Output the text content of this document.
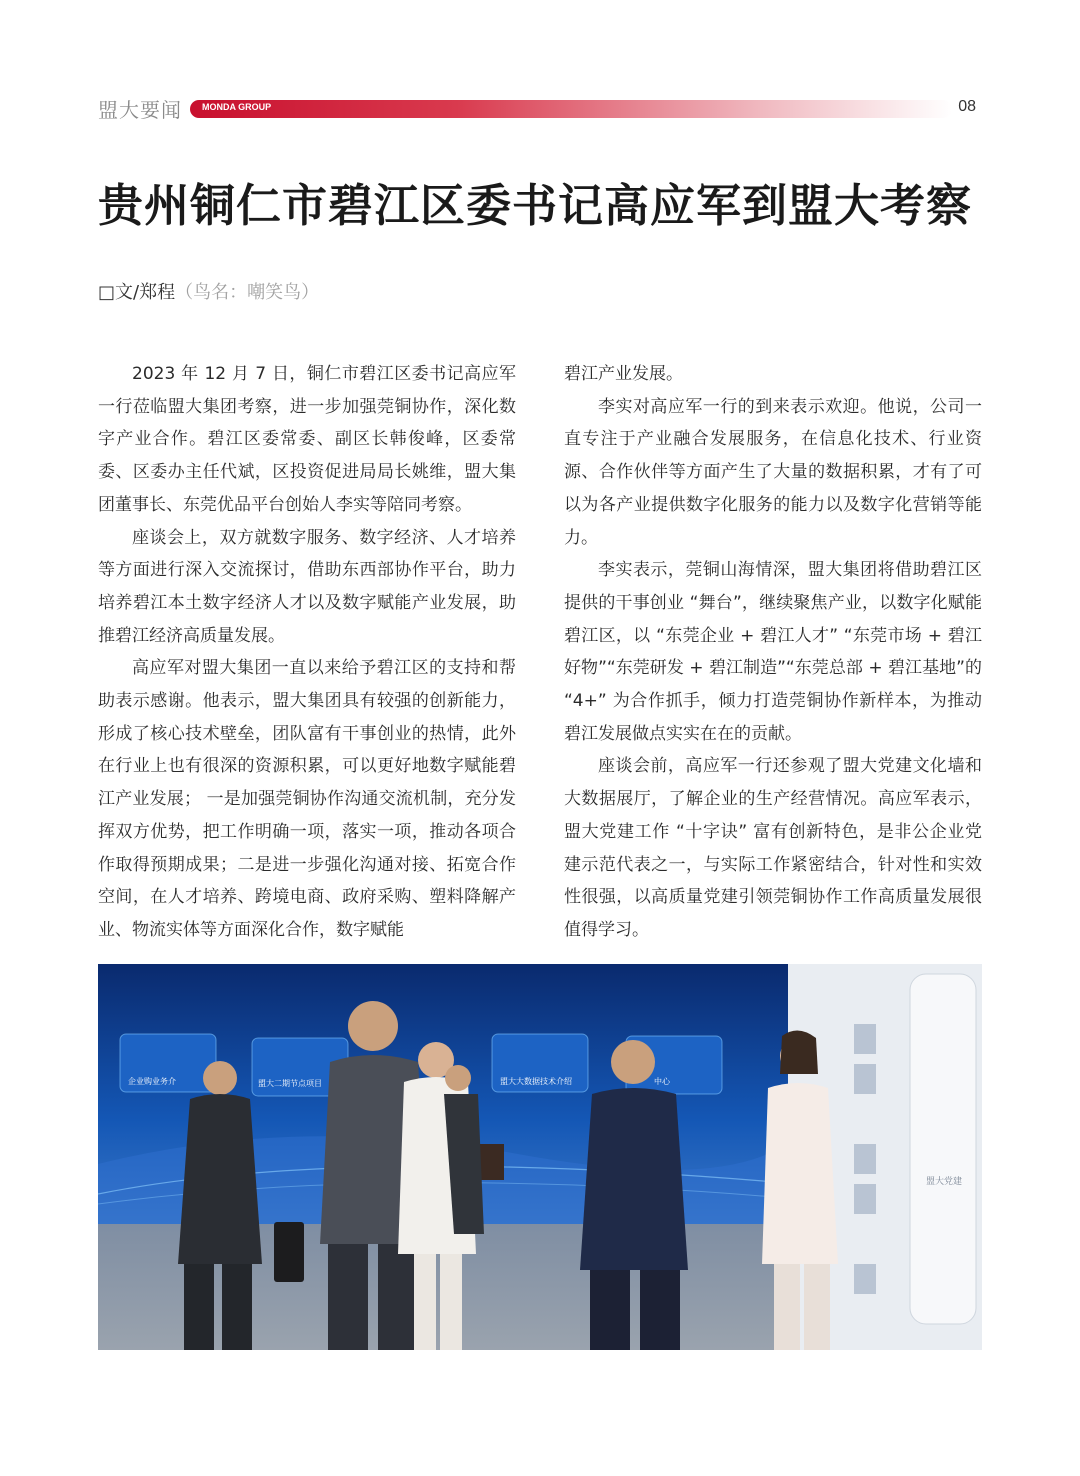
盟大要闻 MONDA GROUP	08
贵州铜仁市碧江区委书记高应军到盟大考察
□文/郑程（鸟名：嘲笑鸟）

2023 年 12 月 7 日，铜仁市碧江区委书记高应军一行莅临盟大集团考察，进一步加强莞铜协作，深化数字产业合作。碧江区委常委、副区长韩俊峰，区委常委、区委办主任代斌，区投资促进局局长姚维，盟大集团董事长、东莞优品平台创始人李实等陪同考察。

座谈会上，双方就数字服务、数字经济、人才培养等方面进行深入交流探讨，借助东西部协作平台，助力培养碧江本土数字经济人才以及数字赋能产业发展，助推碧江经济高质量发展。

高应军对盟大集团一直以来给予碧江区的支持和帮助表示感谢。他表示，盟大集团具有较强的创新能力，形成了核心技术壁垒，团队富有干事创业的热情，此外在行业上也有很深的资源积累，可以更好地数字赋能碧江产业发展； 一是加强莞铜协作沟通交流机制，充分发挥双方优势，把工作明确一项，落实一项，推动各项合作取得预期成果；二是进一步强化沟通对接、拓宽合作空间，在人才培养、跨境电商、政府采购、塑料降解产业、物流实体等方面深化合作，数字赋能

碧江产业发展。

李实对高应军一行的到来表示欢迎。他说，公司一直专注于产业融合发展服务，在信息化技术、行业资源、合作伙伴等方面产生了大量的数据积累，才有了可以为各产业提供数字化服务的能力以及数字化营销等能力。

李实表示，莞铜山海情深，盟大集团将借助碧江区提供的干事创业 “舞台”，继续聚焦产业，以数字化赋能碧江区，以 “东莞企业 + 碧江人才” “东莞市场 + 碧江好物”“东莞研发 + 碧江制造”“东莞总部 + 碧江基地”的 “4+” 为合作抓手，倾力打造莞铜协作新样本，为推动碧江发展做点实实在在的贡献。

座谈会前，高应军一行还参观了盟大党建文化墙和大数据展厅，了解企业的生产经营情况。高应军表示，盟大党建工作 “十字诀” 富有创新特色，是非公企业党建示范代表之一，与实际工作紧密结合，针对性和实效性很强，以高质量党建引领莞铜协作工作高质量发展很值得学习。

盟大党建
企业购业务介	盟大二期节点项目	盟大大数据技术介绍	中心
